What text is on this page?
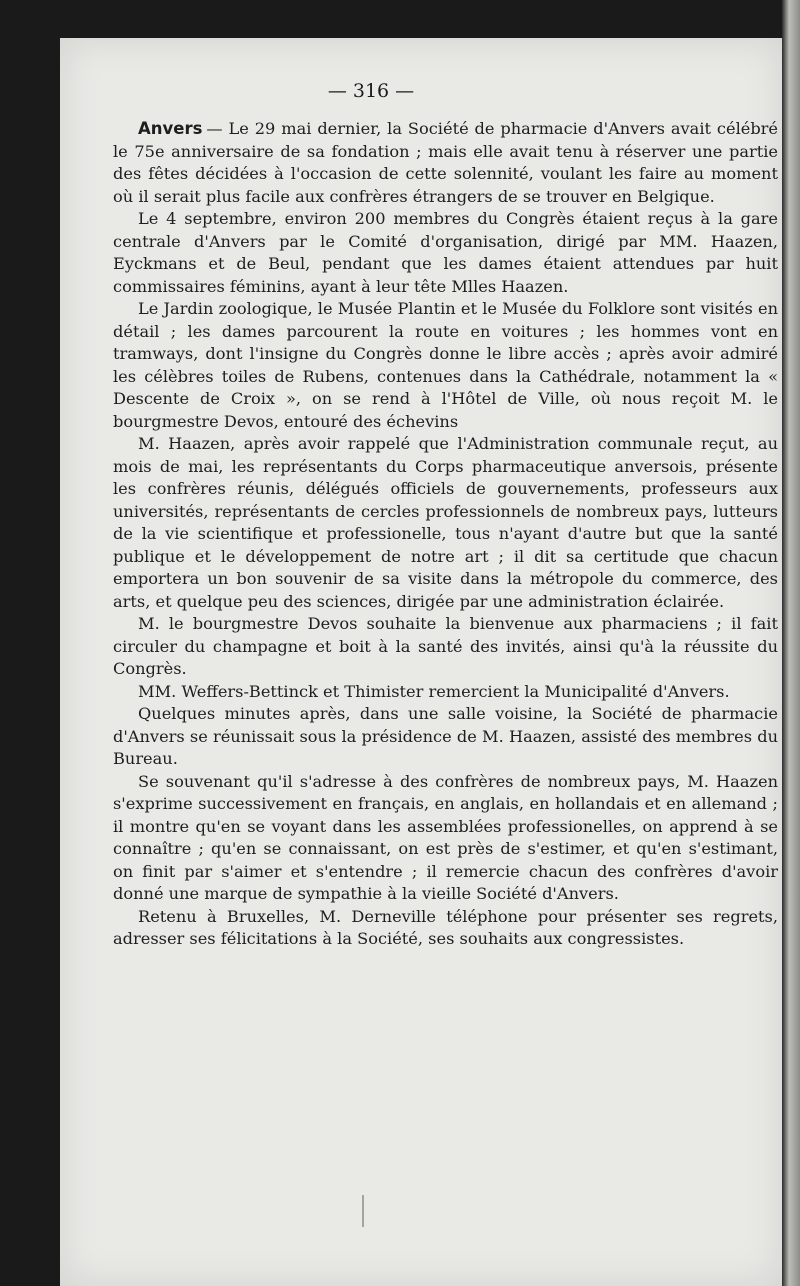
— 316 —

Anvers — Le 29 mai dernier, la Société de pharmacie d'Anvers avait célébré le 75e anniversaire de sa fondation ; mais elle avait tenu à réserver une partie des fêtes décidées à l'occasion de cette solennité, voulant les faire au moment où il serait plus facile aux confrères étrangers de se trouver en Belgique.

Le 4 septembre, environ 200 membres du Congrès étaient reçus à la gare centrale d'Anvers par le Comité d'organisation, dirigé par MM. Haazen, Eyckmans et de Beul, pendant que les dames étaient attendues par huit commissaires féminins, ayant à leur tête Mlles Haazen.

Le Jardin zoologique, le Musée Plantin et le Musée du Folklore sont visités en détail ; les dames parcourent la route en voitures ; les hommes vont en tramways, dont l'insigne du Congrès donne le libre accès ; après avoir admiré les célèbres toiles de Rubens, contenues dans la Cathédrale, notamment la « Descente de Croix », on se rend à l'Hôtel de Ville, où nous reçoit M. le bourgmestre Devos, entouré des échevins

M. Haazen, après avoir rappelé que l'Administration communale reçut, au mois de mai, les représentants du Corps pharmaceutique anversois, présente les confrères réunis, délégués officiels de gouvernements, professeurs aux universités, représentants de cercles professionnels de nombreux pays, lutteurs de la vie scientifique et professionelle, tous n'ayant d'autre but que la santé publique et le développement de notre art ; il dit sa certitude que chacun emportera un bon souvenir de sa visite dans la métropole du commerce, des arts, et quelque peu des sciences, dirigée par une administration éclairée.

M. le bourgmestre Devos souhaite la bienvenue aux pharmaciens ; il fait circuler du champagne et boit à la santé des invités, ainsi qu'à la réussite du Congrès.

MM. Weffers-Bettinck et Thimister remercient la Municipalité d'Anvers.

Quelques minutes après, dans une salle voisine, la Société de pharmacie d'Anvers se réunissait sous la présidence de M. Haazen, assisté des membres du Bureau.

Se souvenant qu'il s'adresse à des confrères de nombreux pays, M. Haazen s'exprime successivement en français, en anglais, en hollandais et en allemand ; il montre qu'en se voyant dans les assemblées professionelles, on apprend à se connaître ; qu'en se connaissant, on est près de s'estimer, et qu'en s'estimant, on finit par s'aimer et s'entendre ; il remercie chacun des confrères d'avoir donné une marque de sympathie à la vieille Société d'Anvers.

Retenu à Bruxelles, M. Derneville téléphone pour présenter ses regrets, adresser ses félicitations à la Société, ses souhaits aux congressistes.
